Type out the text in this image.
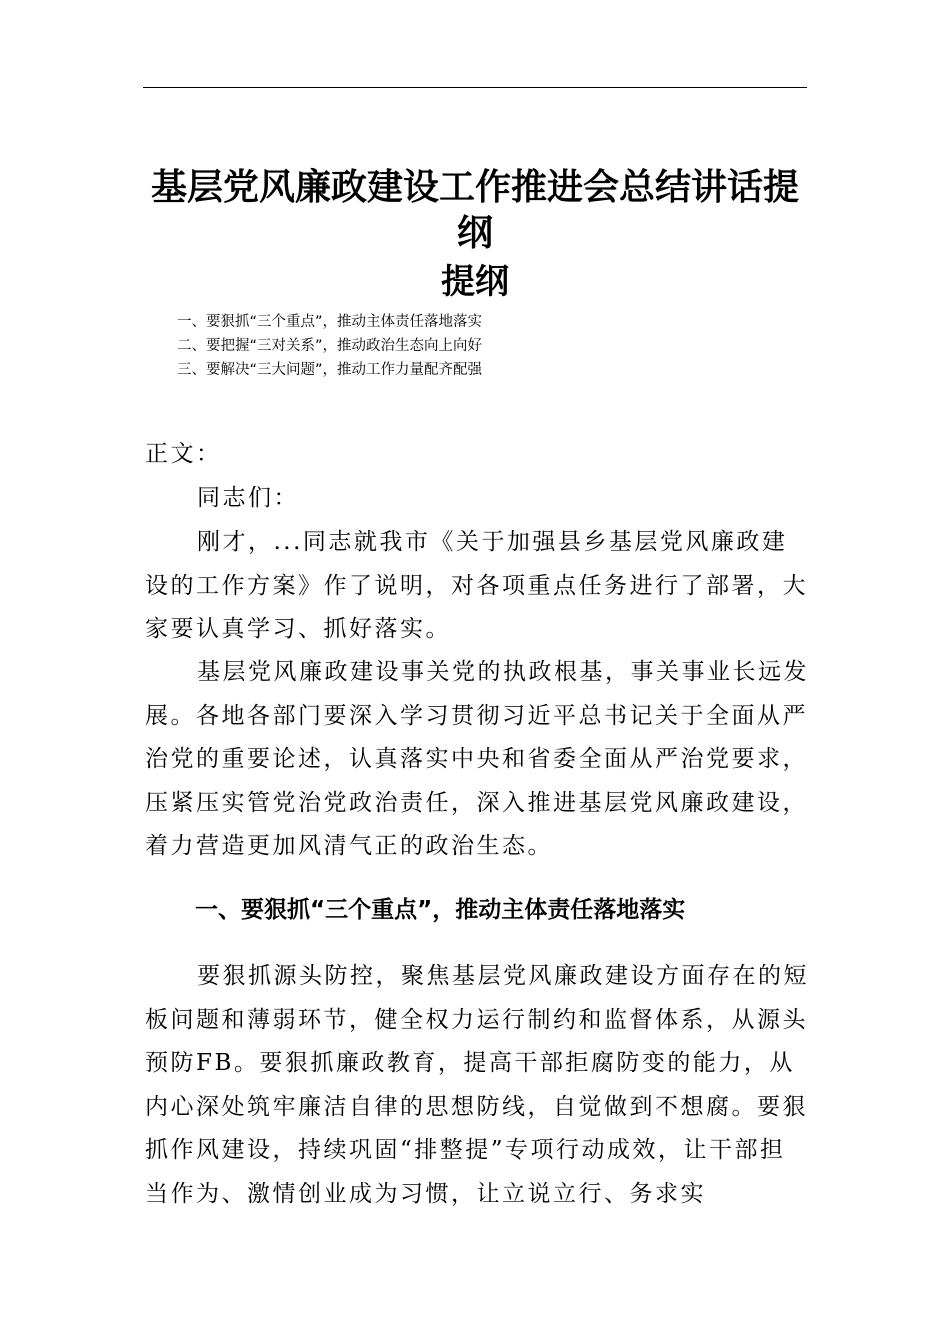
基层党风廉政建设工作推进会总结讲话提纲
提纲
一、要狠抓“三个重点”，推动主体责任落地落实
二、要把握“三对关系”，推动政治生态向上向好
三、要解决“三大问题”，推动工作力量配齐配强

正文：

同志们：

刚才，...同志就我市《关于加强县乡基层党风廉政建设的工作方案》作了说明，对各项重点任务进行了部署，大家要认真学习、抓好落实。

基层党风廉政建设事关党的执政根基，事关事业长远发展。各地各部门要深入学习贯彻习近平总书记关于全面从严治党的重要论述，认真落实中央和省委全面从严治党要求，压紧压实管党治党政治责任，深入推进基层党风廉政建设，着力营造更加风清气正的政治生态。

一、要狠抓“三个重点”，推动主体责任落地落实

要狠抓源头防控，聚焦基层党风廉政建设方面存在的短板问题和薄弱环节，健全权力运行制约和监督体系，从源头预防FB。要狠抓廉政教育，提高干部拒腐防变的能力，从内心深处筑牢廉洁自律的思想防线，自觉做到不想腐。要狠抓作风建设，持续巩固“排整提”专项行动成效，让干部担当作为、激情创业成为习惯，让立说立行、务求实
